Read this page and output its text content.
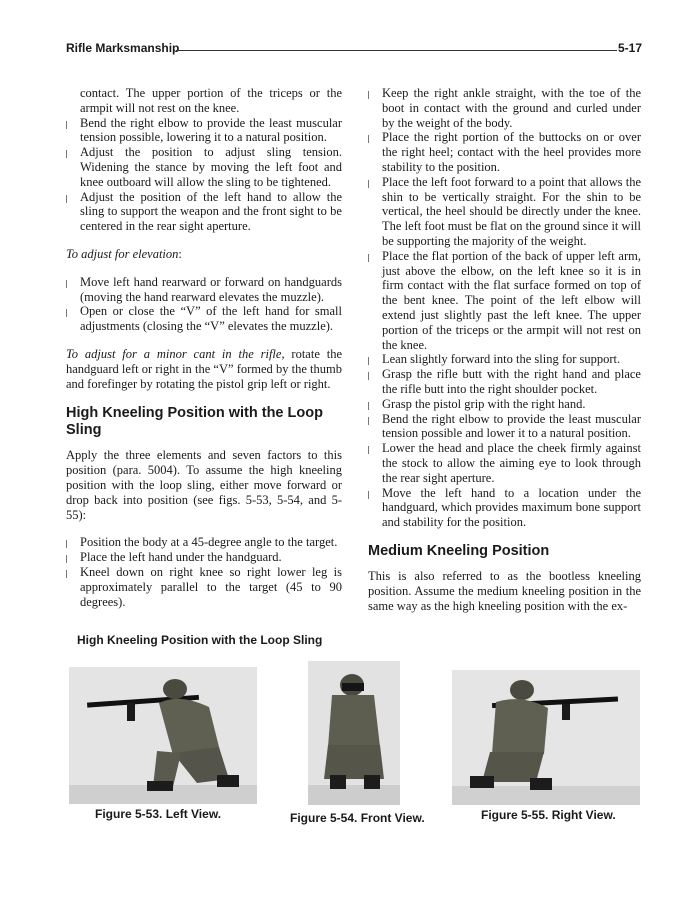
Rifle Marksmanship	5-17

contact. The upper portion of the triceps or the armpit will not rest on the knee.

Bend the right elbow to provide the least muscular tension possible, lowering it to a natural position.
Adjust the position to adjust sling tension. Widening the stance by moving the left foot and knee outboard will allow the sling to be tightened.
Adjust the position of the left hand to allow the sling to support the weapon and the front sight to be centered in the rear sight aperture.

To adjust for elevation:

Move left hand rearward or forward on handguards (moving the hand rearward elevates the muzzle).
Open or close the “V” of the left hand for small adjustments (closing the “V” elevates the muzzle).

To adjust for a minor cant in the rifle, rotate the handguard left or right in the “V” formed by the thumb and forefinger by rotating the pistol grip left or right.

High Kneeling Position with the Loop Sling

Apply the three elements and seven factors to this position (para. 5004). To assume the high kneeling position with the loop sling, either move forward or drop back into position (see figs. 5-53, 5-54, and 5-55):

Position the body at a 45-degree angle to the target.
Place the left hand under the handguard.
Kneel down on right knee so right lower leg is approximately parallel to the target (45 to 90 degrees).
Keep the right ankle straight, with the toe of the boot in contact with the ground and curled under by the weight of the body.
Place the right portion of the buttocks on or over the right heel; contact with the heel provides more stability to the position.
Place the left foot forward to a point that allows the shin to be vertically straight. For the shin to be vertical, the heel should be directly under the knee. The left foot must be flat on the ground since it will be supporting the majority of the weight.
Place the flat portion of the back of upper left arm, just above the elbow, on the left knee so it is in firm contact with the flat surface formed on top of the bent knee. The point of the left elbow will extend just slightly past the left knee. The upper portion of the triceps or the armpit will not rest on the knee.
Lean slightly forward into the sling for support.
Grasp the rifle butt with the right hand and place the rifle butt into the right shoulder pocket.
Grasp the pistol grip with the right hand.
Bend the right elbow to provide the least muscular tension possible and lower it to a natural position.
Lower the head and place the cheek firmly against the stock to allow the aiming eye to look through the rear sight aperture.
Move the left hand to a location under the handguard, which provides maximum bone support and stability for the position.
Medium Kneeling Position

This is also referred to as the bootless kneeling position. Assume the medium kneeling position in the same way as the high kneeling position with the ex-

High Kneeling Position with the Loop Sling
Figure 5-53. Left View.	Figure 5-54. Front View.	Figure 5-55. Right View.
